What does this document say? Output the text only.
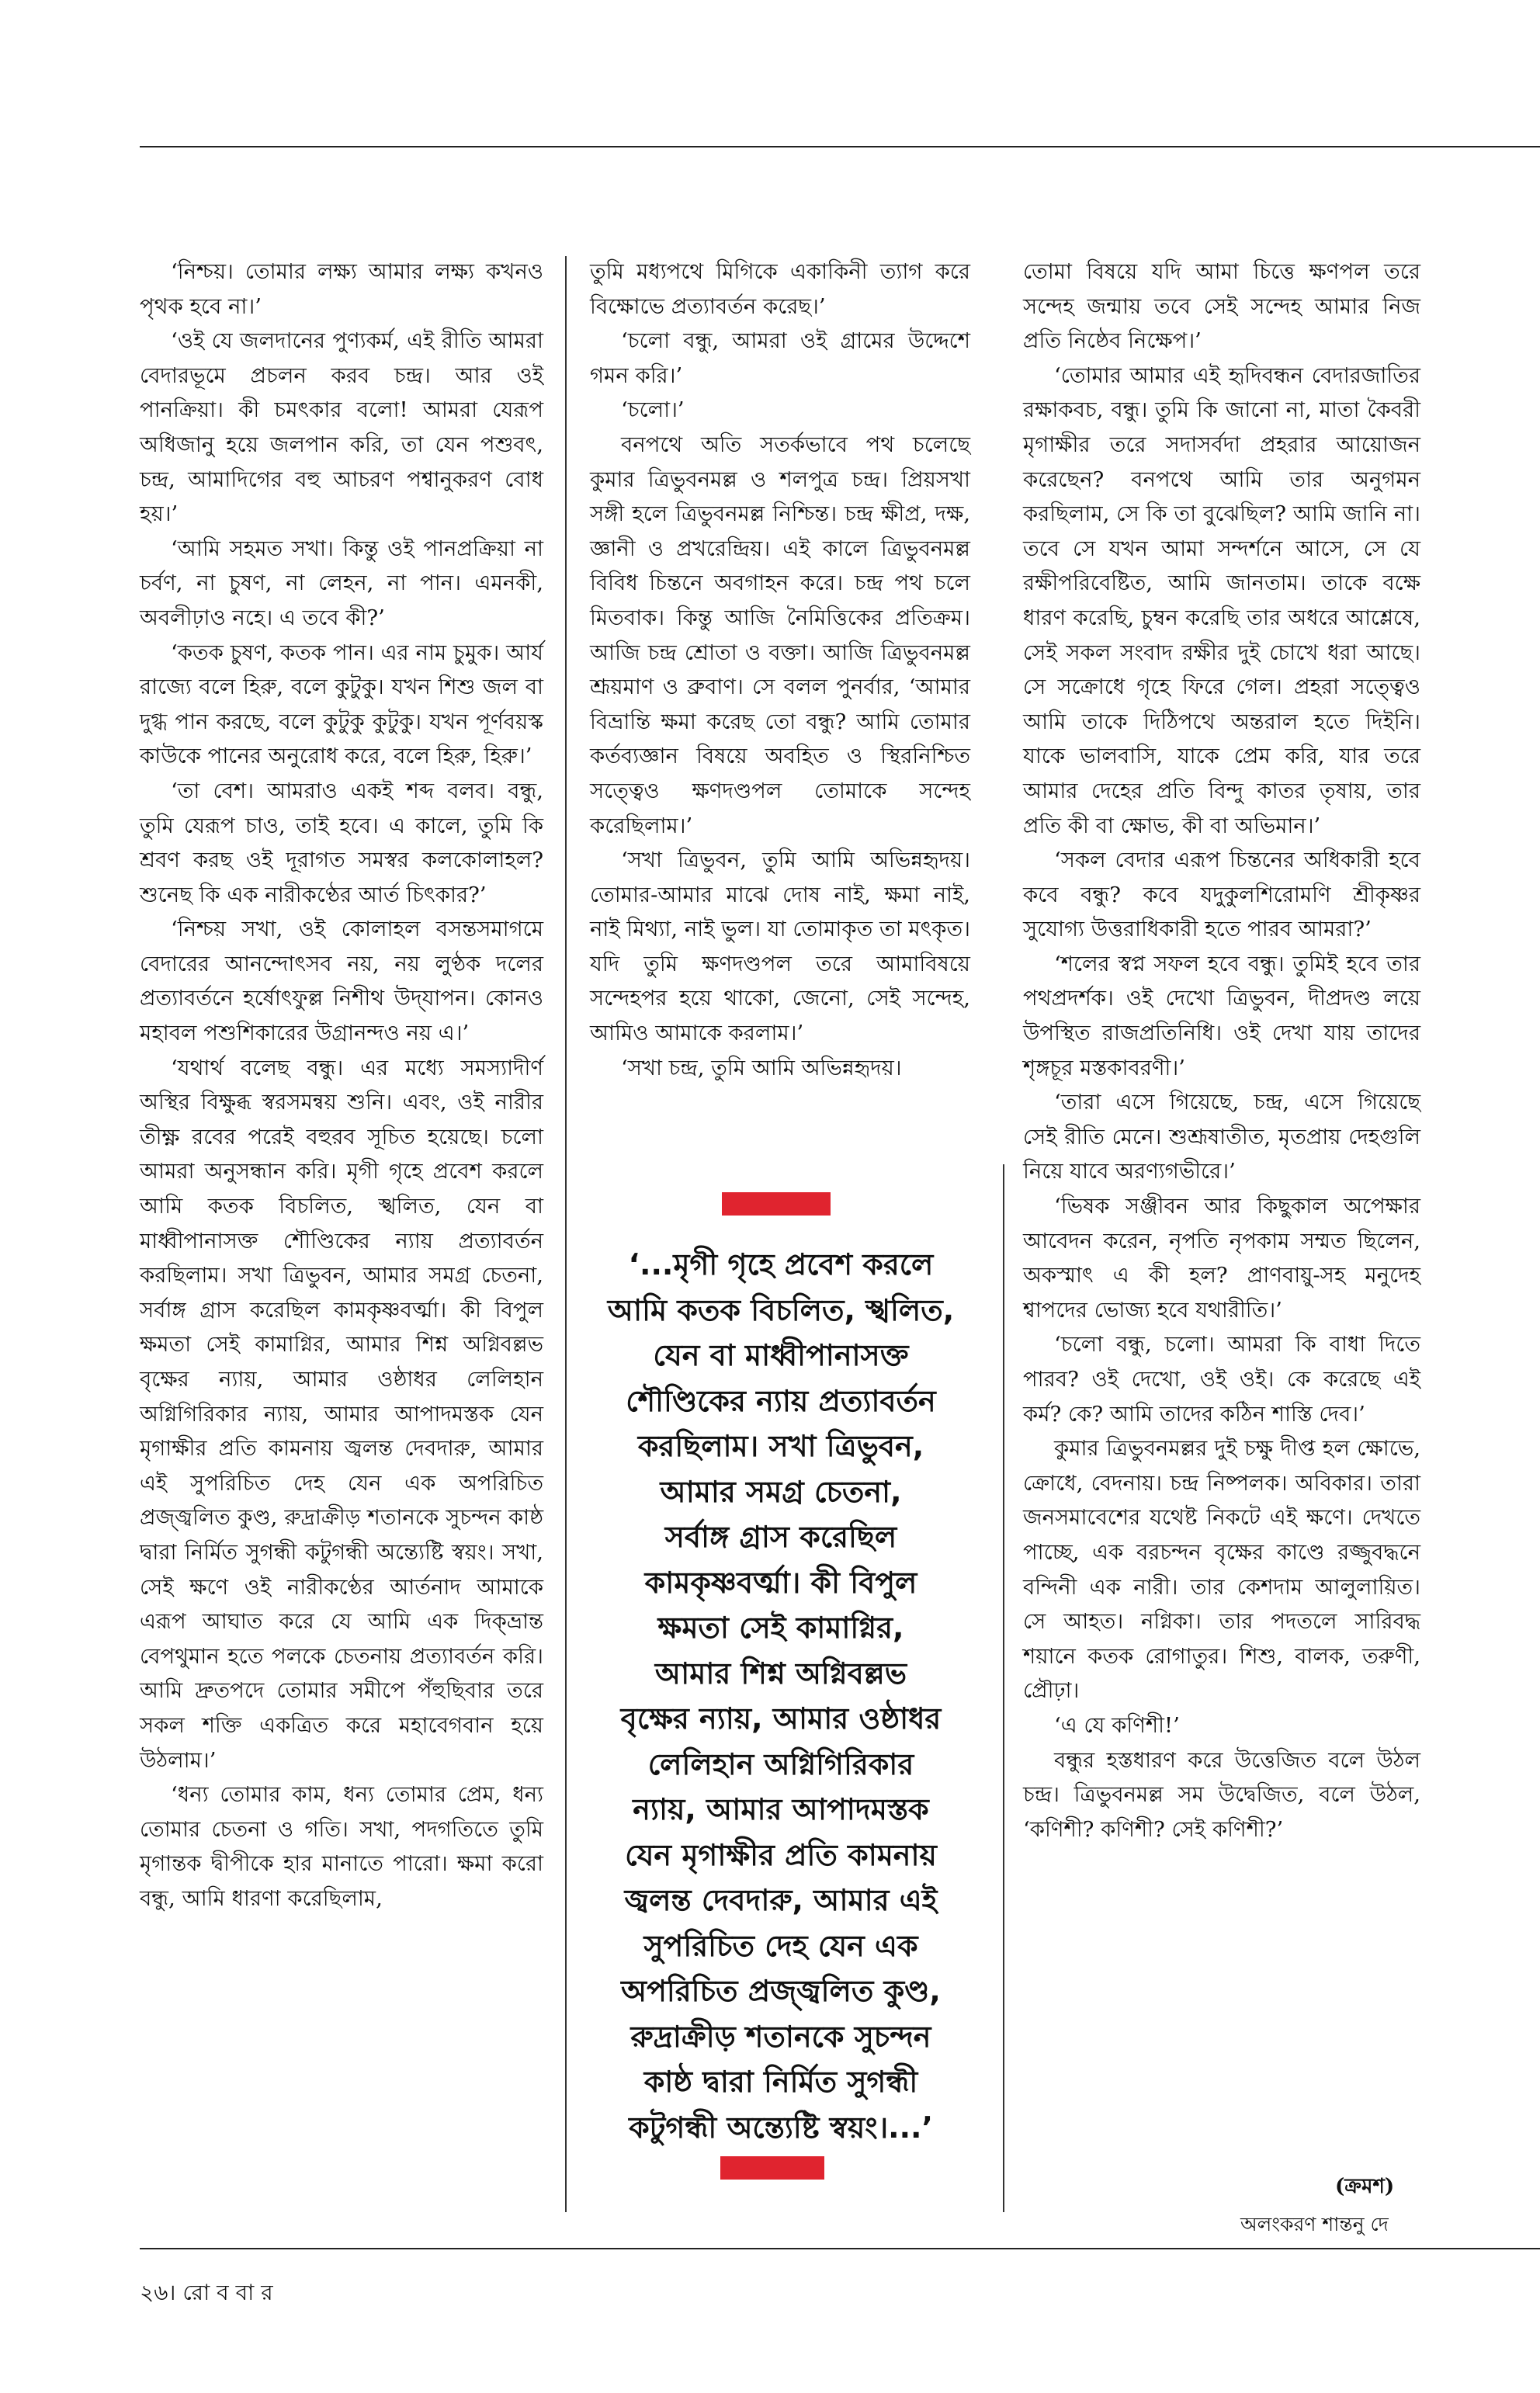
‘নিশ্চয়। তোমার লক্ষ্য আমার লক্ষ্য কখনও পৃথক হবে না।’

‘ওই যে জলদানের পুণ্যকর্ম, এই রীতি আমরা বেদারভূমে প্রচলন করব চন্দ্র। আর ওই পানক্রিয়া। কী চমৎকার বলো! আমরা যেরূপ অধিজানু হয়ে জলপান করি, তা যেন পশুবৎ, চন্দ্র, আমাদিগের বহু আচরণ পশ্বানুকরণ বোধ হয়।’

‘আমি সহমত সখা। কিন্তু ওই পানপ্রক্রিয়া না চর্বণ, না চুষণ, না লেহন, না পান। এমনকী, অবলীঢ়াও নহে। এ তবে কী?’

‘কতক চুষণ, কতক পান। এর নাম চুমুক। আর্য রাজ্যে বলে হিরু, বলে কুটুকু। যখন শিশু জল বা দুগ্ধ পান করছে, বলে কুটুকু কুটুকু। যখন পূর্ণবয়স্ক কাউকে পানের অনুরোধ করে, বলে হিরু, হিরু।’

‘তা বেশ। আমরাও একই শব্দ বলব। বন্ধু, তুমি যেরূপ চাও, তাই হবে। এ কালে, তুমি কি শ্রবণ করছ ওই দূরাগত সমস্বর কলকোলাহল? শুনেছ কি এক নারীকণ্ঠের আর্ত চিৎকার?’

‘নিশ্চয় সখা, ওই কোলাহল বসন্তসমাগমে বেদারের আনন্দোৎসব নয়, নয় লুণ্ঠক দলের প্রত্যাবর্তনে হর্ষোৎফুল্ল নিশীথ উদ্‌যাপন। কোনও মহাবল পশুশিকারের উগ্রানন্দও নয় এ।’

‘যথার্থ বলেছ বন্ধু। এর মধ্যে সমস্যাদীর্ণ অস্থির বিক্ষুব্ধ স্বরসমন্বয় শুনি। এবং, ওই নারীর তীক্ষ্ণ রবের পরেই বহুরব সূচিত হয়েছে। চলো আমরা অনুসন্ধান করি। মৃগী গৃহে প্রবেশ করলে আমি কতক বিচলিত, স্খলিত, যেন বা মাধ্বীপানাসক্ত শৌণ্ডিকের ন্যায় প্রত্যাবর্তন করছিলাম। সখা ত্রিভুবন, আমার সমগ্র চেতনা, সর্বাঙ্গ গ্রাস করেছিল কামকৃষ্ণবর্ত্মা। কী বিপুল ক্ষমতা সেই কামাগ্নির, আমার শিশ্ন অগ্নিবল্লভ বৃক্ষের ন্যায়, আমার ওষ্ঠাধর লেলিহান অগ্নিগিরিকার ন্যায়, আমার আপাদমস্তক যেন মৃগাক্ষীর প্রতি কামনায় জ্বলন্ত দেবদারু, আমার এই সুপরিচিত দেহ যেন এক অপরিচিত প্রজ্জ্বলিত কুণ্ড, রুদ্রাক্রীড় শতানকে সুচন্দন কাষ্ঠ দ্বারা নির্মিত সুগন্ধী কটুগন্ধী অন্ত্যেষ্টি স্বয়ং। সখা, সেই ক্ষণে ওই নারীকণ্ঠের আর্তনাদ আমাকে এরূপ আঘাত করে যে আমি এক দিক্‌ভ্রান্ত বেপথুমান হতে পলকে চেতনায় প্রত্যাবর্তন করি। আমি দ্রুতপদে তোমার সমীপে পঁহুছিবার তরে সকল শক্তি একত্রিত করে মহাবেগবান হয়ে উঠলাম।’

‘ধন্য তোমার কাম, ধন্য তোমার প্রেম, ধন্য তোমার চেতনা ও গতি। সখা, পদগতিতে তুমি মৃগান্তক দ্বীপীকে হার মানাতে পারো। ক্ষমা করো বন্ধু, আমি ধারণা করেছিলাম,

তুমি মধ্যপথে মিগিকে একাকিনী ত্যাগ করে বিক্ষোভে প্রত্যাবর্তন করেছ।’

‘চলো বন্ধু, আমরা ওই গ্রামের উদ্দেশে গমন করি।’

‘চলো।’

বনপথে অতি সতর্কভাবে পথ চলেছে কুমার ত্রিভুবনমল্ল ও শলপুত্র চন্দ্র। প্রিয়সখা সঙ্গী হলে ত্রিভুবনমল্ল নিশ্চিন্ত। চন্দ্র ক্ষীপ্র, দক্ষ, জ্ঞানী ও প্রখরেন্দ্রিয়। এই কালে ত্রিভুবনমল্ল বিবিধ চিন্তনে অবগাহন করে। চন্দ্র পথ চলে মিতবাক। কিন্তু আজি নৈমিত্তিকের প্রতিক্রম। আজি চন্দ্র শ্রোতা ও বক্তা। আজি ত্রিভুবনমল্ল শ্রূয়মাণ ও ব্রুবাণ। সে বলল পুনর্বার, ‘আমার বিভ্রান্তি ক্ষমা করেছ তো বন্ধু? আমি তোমার কর্তব্যজ্ঞান বিষয়ে অবহিত ও স্থিরনিশ্চিত সত্ত্বেও ক্ষণদণ্ডপল তোমাকে সন্দেহ করেছিলাম।’

‘সখা ত্রিভুবন, তুমি আমি অভিন্নহৃদয়। তোমার-আমার মাঝে দোষ নাই, ক্ষমা নাই, নাই মিথ্যা, নাই ভুল। যা তোমাকৃত তা মৎকৃত। যদি তুমি ক্ষণদণ্ডপল তরে আমাবিষয়ে সন্দেহপর হয়ে থাকো, জেনো, সেই সন্দেহ, আমিও আমাকে করলাম।’

‘সখা চন্দ্র, তুমি আমি অভিন্নহৃদয়।

‘...মৃগী গৃহে প্রবেশ করলে
আমি কতক বিচলিত, স্খলিত,
যেন বা মাধ্বীপানাসক্ত
শৌণ্ডিকের ন্যায় প্রত্যাবর্তন
করছিলাম। সখা ত্রিভুবন,
আমার সমগ্র চেতনা,
সর্বাঙ্গ গ্রাস করেছিল
কামকৃষ্ণবর্ত্মা। কী বিপুল
ক্ষমতা সেই কামাগ্নির,
আমার শিশ্ন অগ্নিবল্লভ
বৃক্ষের ন্যায়, আমার ওষ্ঠাধর
লেলিহান অগ্নিগিরিকার
ন্যায়, আমার আপাদমস্তক
যেন মৃগাক্ষীর প্রতি কামনায়
জ্বলন্ত দেবদারু, আমার এই
সুপরিচিত দেহ যেন এক
অপরিচিত প্রজ্জ্বলিত কুণ্ড,
রুদ্রাক্রীড় শতানকে সুচন্দন
কাষ্ঠ দ্বারা নির্মিত সুগন্ধী
কটুগন্ধী অন্ত্যেষ্টি স্বয়ং।...’

তোমা বিষয়ে যদি আমা চিত্তে ক্ষণপল তরে সন্দেহ জন্মায় তবে সেই সন্দেহ আমার নিজ প্রতি নিষ্ঠেব নিক্ষেপ।’

‘তোমার আমার এই হৃদিবন্ধন বেদারজাতির রক্ষাকবচ, বন্ধু। তুমি কি জানো না, মাতা কৈবরী মৃগাক্ষীর তরে সদাসর্বদা প্রহরার আয়োজন করেছেন? বনপথে আমি তার অনুগমন করছিলাম, সে কি তা বুঝেছিল? আমি জানি না। তবে সে যখন আমা সন্দর্শনে আসে, সে যে রক্ষীপরিবেষ্টিত, আমি জানতাম। তাকে বক্ষে ধারণ করেছি, চুম্বন করেছি তার অধরে আশ্লেষে, সেই সকল সংবাদ রক্ষীর দুই চোখে ধরা আছে। সে সক্রোধে গৃহে ফিরে গেল। প্রহরা সত্ত্বেও আমি তাকে দিঠিপথে অন্তরাল হতে দিইনি। যাকে ভালবাসি, যাকে প্রেম করি, যার তরে আমার দেহের প্রতি বিন্দু কাতর তৃষায়, তার প্রতি কী বা ক্ষোভ, কী বা অভিমান।’

‘সকল বেদার এরূপ চিন্তনের অধিকারী হবে কবে বন্ধু? কবে যদুকুলশিরোমণি শ্রীকৃষ্ণর সুযোগ্য উত্তরাধিকারী হতে পারব আমরা?’

‘শলের স্বপ্ন সফল হবে বন্ধু। তুমিই হবে তার পথপ্রদর্শক। ওই দেখো ত্রিভুবন, দীপ্রদণ্ড লয়ে উপস্থিত রাজপ্রতিনিধি। ওই দেখা যায় তাদের শৃঙ্গচূর মস্তকাবরণী।’

‘তারা এসে গিয়েছে, চন্দ্র, এসে গিয়েছে সেই রীতি মেনে। শুশ্রূষাতীত, মৃতপ্রায় দেহগুলি নিয়ে যাবে অরণ্যগভীরে।’

‘ভিষক সঞ্জীবন আর কিছুকাল অপেক্ষার আবেদন করেন, নৃপতি নৃপকাম সম্মত ছিলেন, অকস্মাৎ এ কী হল? প্রাণবায়ু-সহ মনুদেহ শ্বাপদের ভোজ্য হবে যথারীতি।’

‘চলো বন্ধু, চলো। আমরা কি বাধা দিতে পারব? ওই দেখো, ওই ওই। কে করেছে এই কর্ম? কে? আমি তাদের কঠিন শাস্তি দেব।’

কুমার ত্রিভুবনমল্লর দুই চক্ষু দীপ্ত হল ক্ষোভে, ক্রোধে, বেদনায়। চন্দ্র নিষ্পলক। অবিকার। তারা জনসমাবেশের যথেষ্ট নিকটে এই ক্ষণে। দেখতে পাচ্ছে, এক বরচন্দন বৃক্ষের কাণ্ডে রজ্জুবদ্ধনে বন্দিনী এক নারী। তার কেশদাম আলুলায়িত। সে আহত। নগ্নিকা। তার পদতলে সারিবদ্ধ শয়ানে কতক রোগাতুর। শিশু, বালক, তরুণী, প্রৌঢ়া।

‘এ যে কণিশী!’

বন্ধুর হস্তধারণ করে উত্তেজিত বলে উঠল চন্দ্র। ত্রিভুবনমল্ল সম উদ্বেজিত, বলে উঠল, ‘কণিশী? কণিশী? সেই কণিশী?’

(ক্রমশ)
অলংকরণ শান্তনু দে
২৬। রো ব বা র
